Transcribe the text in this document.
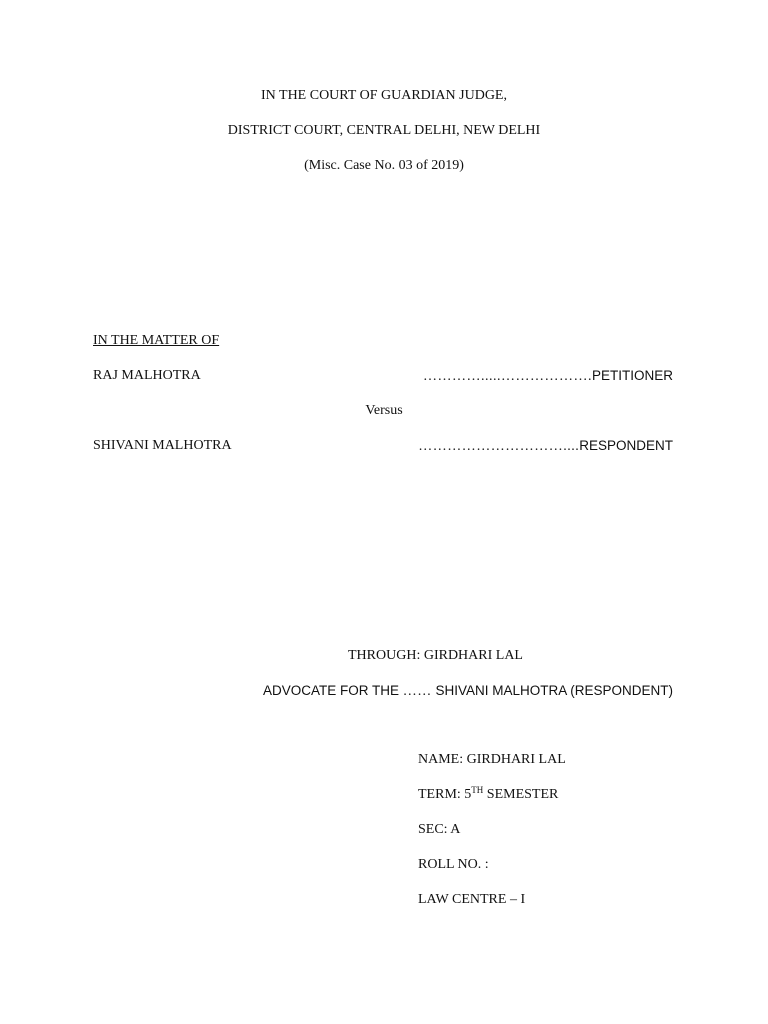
IN THE COURT OF GUARDIAN JUDGE,
DISTRICT COURT, CENTRAL DELHI, NEW DELHI
(Misc. Case No. 03 of 2019)
IN THE MATTER OF
RAJ MALHOTRA	………….....……………….PETITIONER
Versus
SHIVANI MALHOTRA	…………………………....RESPONDENT
THROUGH: GIRDHARI LAL
ADVOCATE FOR THE …… SHIVANI MALHOTRA (RESPONDENT)
NAME: GIRDHARI LAL
TERM: 5TH SEMESTER
SEC: A
ROLL NO. :
LAW CENTRE – I
